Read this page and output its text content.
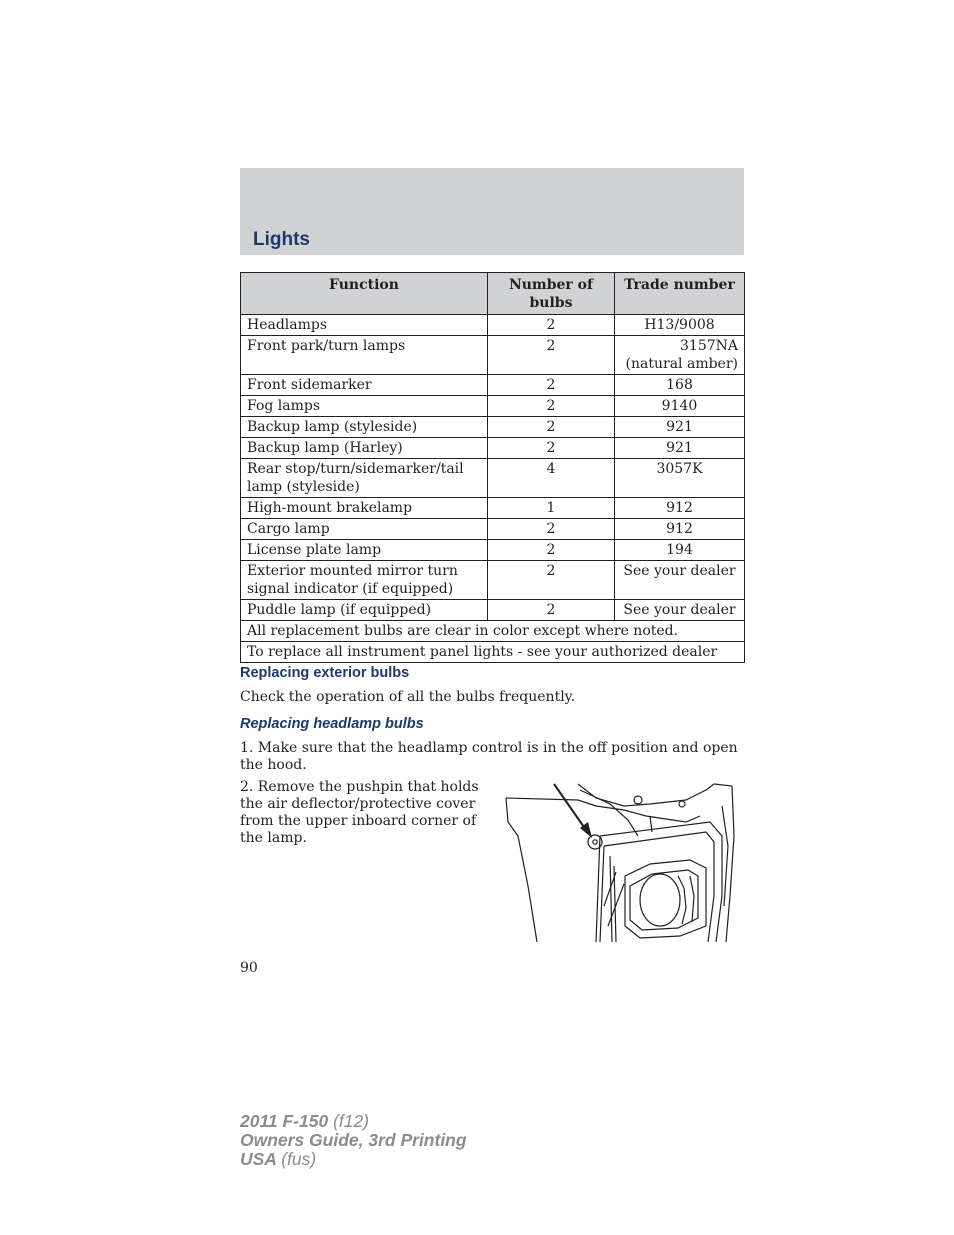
Lights
Function	Number of bulbs	Trade number
Headlamps	2	H13/9008
Front park/turn lamps	2	3157NA (natural amber)
Front sidemarker	2	168
Fog lamps	2	9140
Backup lamp (styleside)	2	921
Backup lamp (Harley)	2	921
Rear stop/turn/sidemarker/tail lamp (styleside)	4	3057K
High-mount brakelamp	1	912
Cargo lamp	2	912
License plate lamp	2	194
Exterior mounted mirror turn signal indicator (if equipped)	2	See your dealer
Puddle lamp (if equipped)	2	See your dealer
All replacement bulbs are clear in color except where noted.		
To replace all instrument panel lights - see your authorized dealer		
Replacing exterior bulbs
Check the operation of all the bulbs frequently.
Replacing headlamp bulbs
1. Make sure that the headlamp control is in the off position and open the hood.
2. Remove the pushpin that holds the air deflector/protective cover from the upper inboard corner of the lamp.
90
2011 F-150 (f12)
Owners Guide, 3rd Printing
USA (fus)
